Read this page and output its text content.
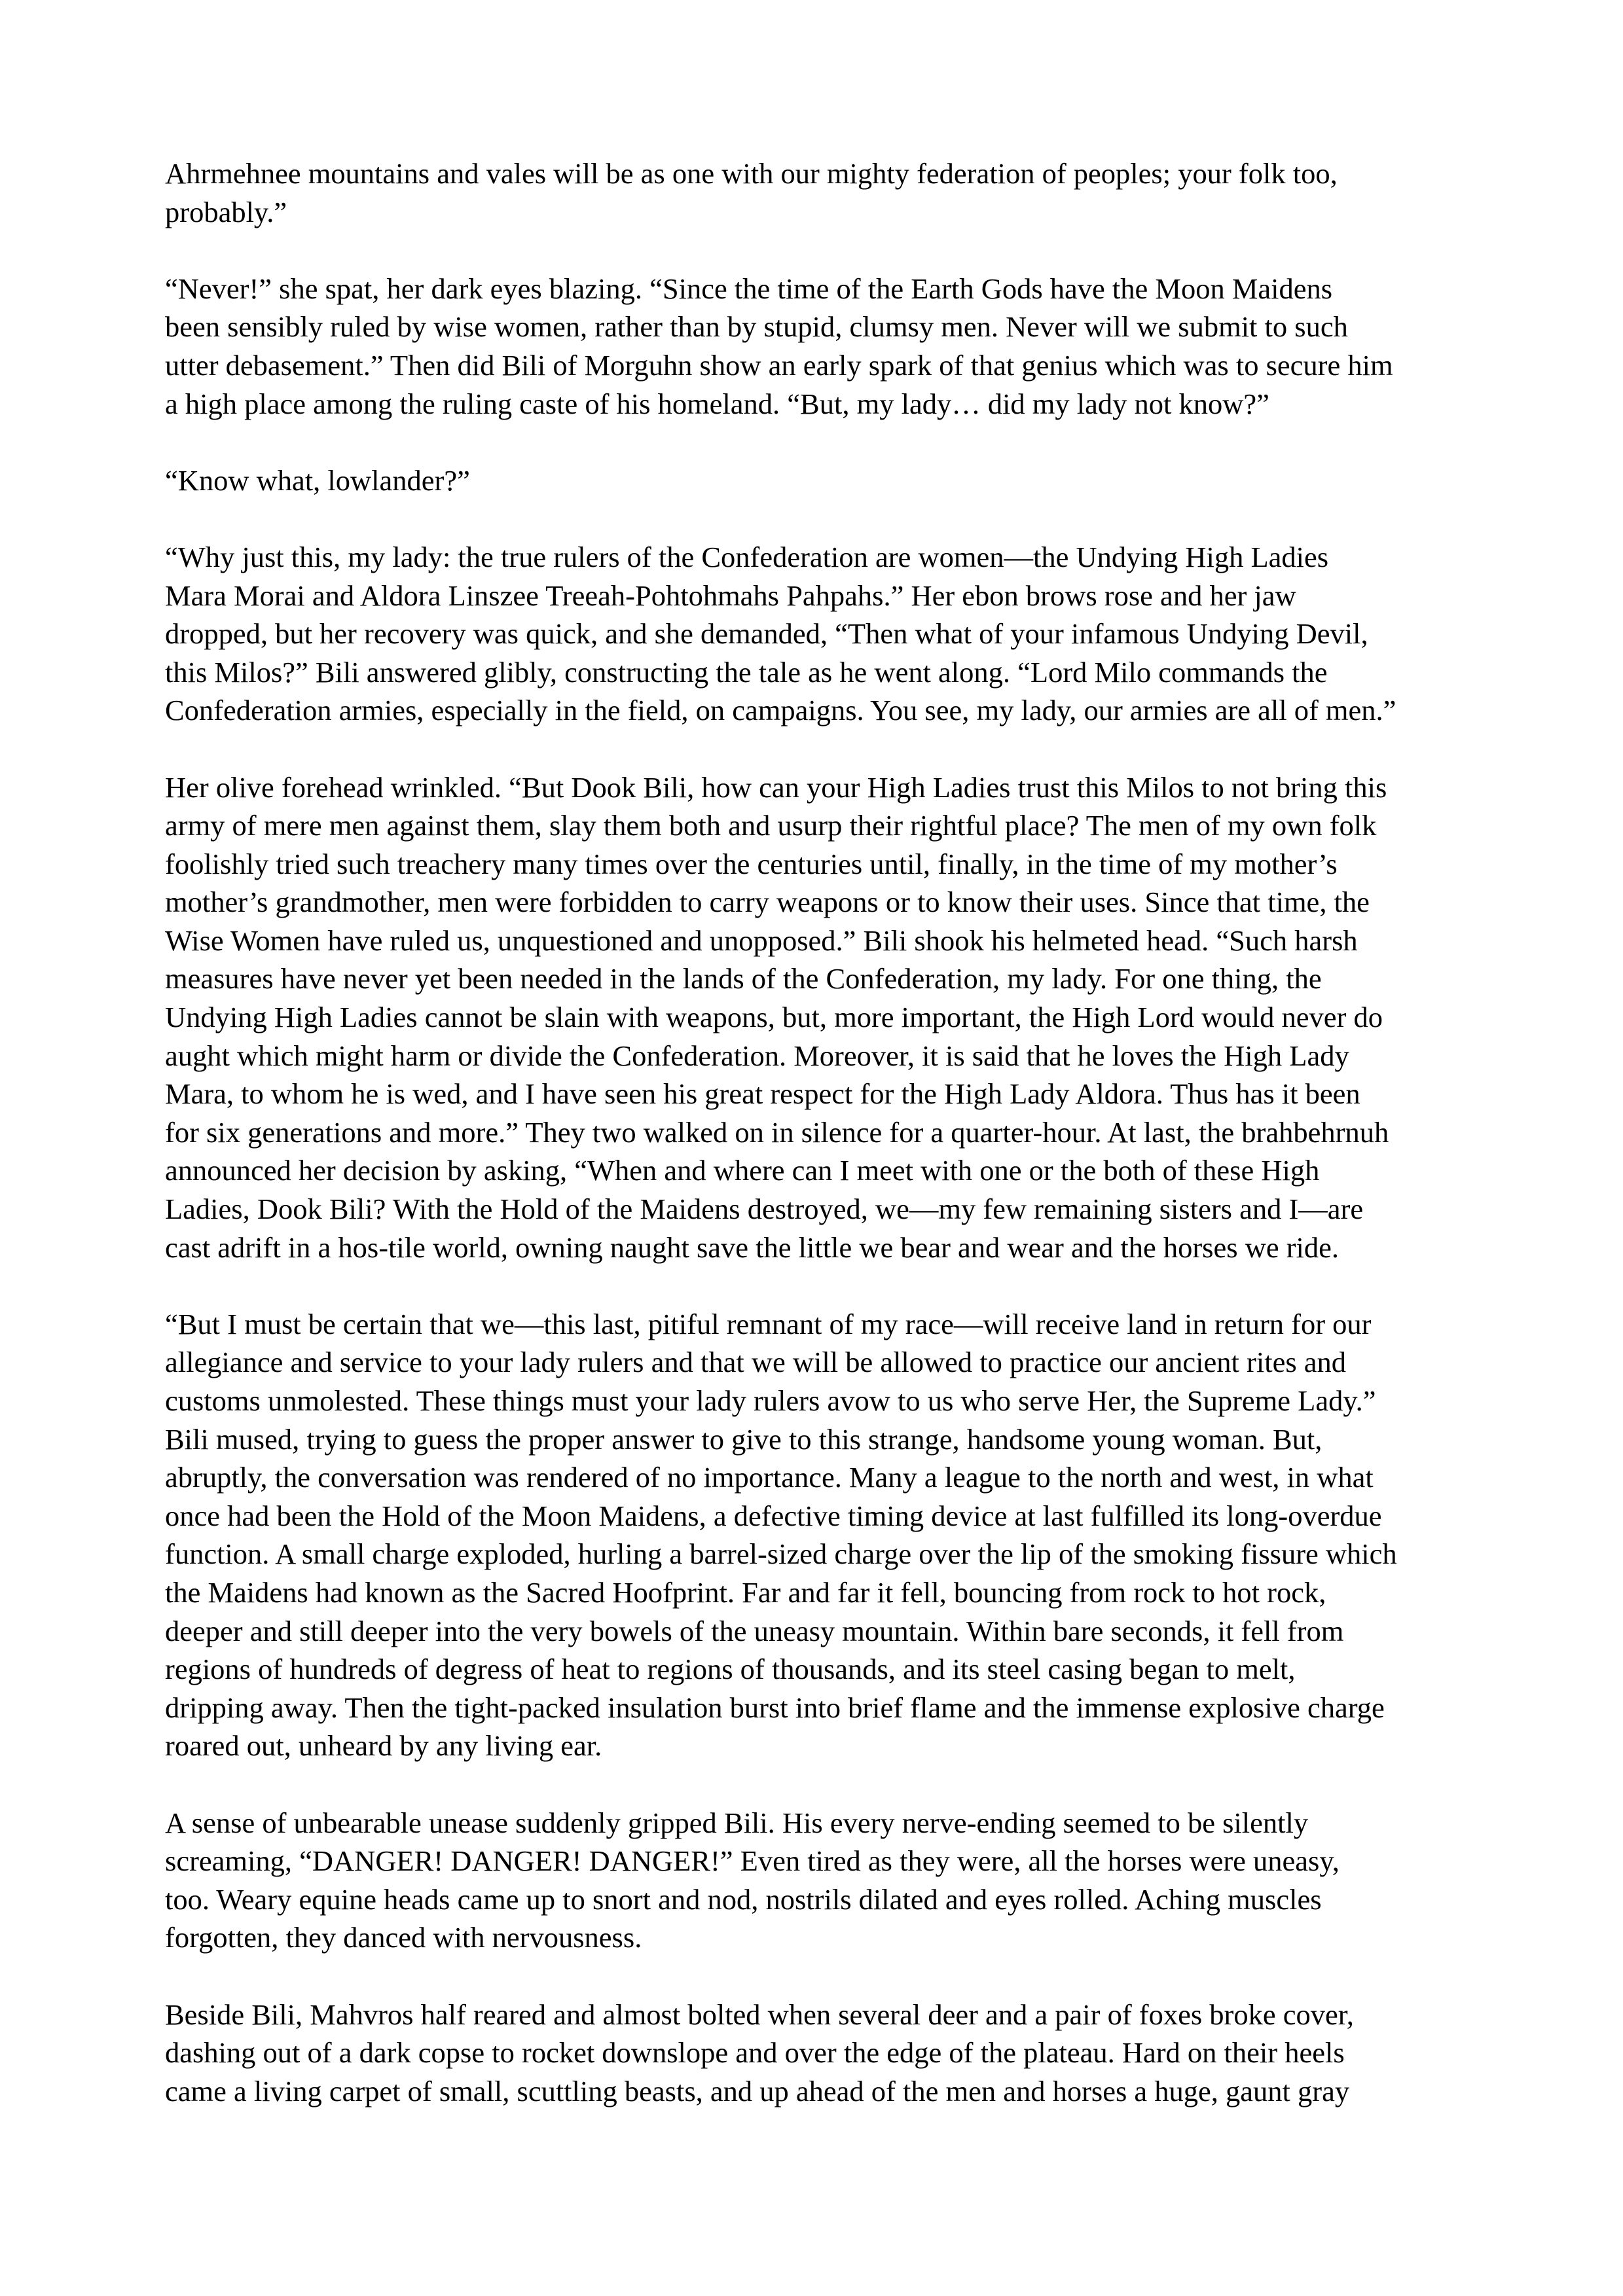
Ahrmehnee mountains and vales will be as one with our mighty federation of peoples; your folk too,
probably.”

“Never!” she spat, her dark eyes blazing. “Since the time of the Earth Gods have the Moon Maidens
been sensibly ruled by wise women, rather than by stupid, clumsy men. Never will we submit to such
utter debasement.” Then did Bili of Morguhn show an early spark of that genius which was to secure him
a high place among the ruling caste of his homeland. “But, my lady… did my lady not know?”

“Know what, lowlander?”

“Why just this, my lady: the true rulers of the Confederation are women—the Undying High Ladies
Mara Morai and Aldora Linszee Treeah-Pohtohmahs Pahpahs.” Her ebon brows rose and her jaw
dropped, but her recovery was quick, and she demanded, “Then what of your infamous Undying Devil,
this Milos?” Bili answered glibly, constructing the tale as he went along. “Lord Milo commands the
Confederation armies, especially in the field, on campaigns. You see, my lady, our armies are all of men.”

Her olive forehead wrinkled. “But Dook Bili, how can your High Ladies trust this Milos to not bring this
army of mere men against them, slay them both and usurp their rightful place? The men of my own folk
foolishly tried such treachery many times over the centuries until, finally, in the time of my mother’s
mother’s grandmother, men were forbidden to carry weapons or to know their uses. Since that time, the
Wise Women have ruled us, unquestioned and unopposed.” Bili shook his helmeted head. “Such harsh
measures have never yet been needed in the lands of the Confederation, my lady. For one thing, the
Undying High Ladies cannot be slain with weapons, but, more important, the High Lord would never do
aught which might harm or divide the Confederation. Moreover, it is said that he loves the High Lady
Mara, to whom he is wed, and I have seen his great respect for the High Lady Aldora. Thus has it been
for six generations and more.” They two walked on in silence for a quarter-hour. At last, the brahbehrnuh
announced her decision by asking, “When and where can I meet with one or the both of these High
Ladies, Dook Bili? With the Hold of the Maidens destroyed, we—my few remaining sisters and I—are
cast adrift in a hos-tile world, owning naught save the little we bear and wear and the horses we ride.

“But I must be certain that we—this last, pitiful remnant of my race—will receive land in return for our
allegiance and service to your lady rulers and that we will be allowed to practice our ancient rites and
customs unmolested. These things must your lady rulers avow to us who serve Her, the Supreme Lady.”
Bili mused, trying to guess the proper answer to give to this strange, handsome young woman. But,
abruptly, the conversation was rendered of no importance. Many a league to the north and west, in what
once had been the Hold of the Moon Maidens, a defective timing device at last fulfilled its long-overdue
function. A small charge exploded, hurling a barrel-sized charge over the lip of the smoking fissure which
the Maidens had known as the Sacred Hoofprint. Far and far it fell, bouncing from rock to hot rock,
deeper and still deeper into the very bowels of the uneasy mountain. Within bare seconds, it fell from
regions of hundreds of degress of heat to regions of thousands, and its steel casing began to melt,
dripping away. Then the tight-packed insulation burst into brief flame and the immense explosive charge
roared out, unheard by any living ear.

A sense of unbearable unease suddenly gripped Bili. His every nerve-ending seemed to be silently
screaming, “DANGER! DANGER! DANGER!” Even tired as they were, all the horses were uneasy,
too. Weary equine heads came up to snort and nod, nostrils dilated and eyes rolled. Aching muscles
forgotten, they danced with nervousness.

Beside Bili, Mahvros half reared and almost bolted when several deer and a pair of foxes broke cover,
dashing out of a dark copse to rocket downslope and over the edge of the plateau. Hard on their heels
came a living carpet of small, scuttling beasts, and up ahead of the men and horses a huge, gaunt gray
